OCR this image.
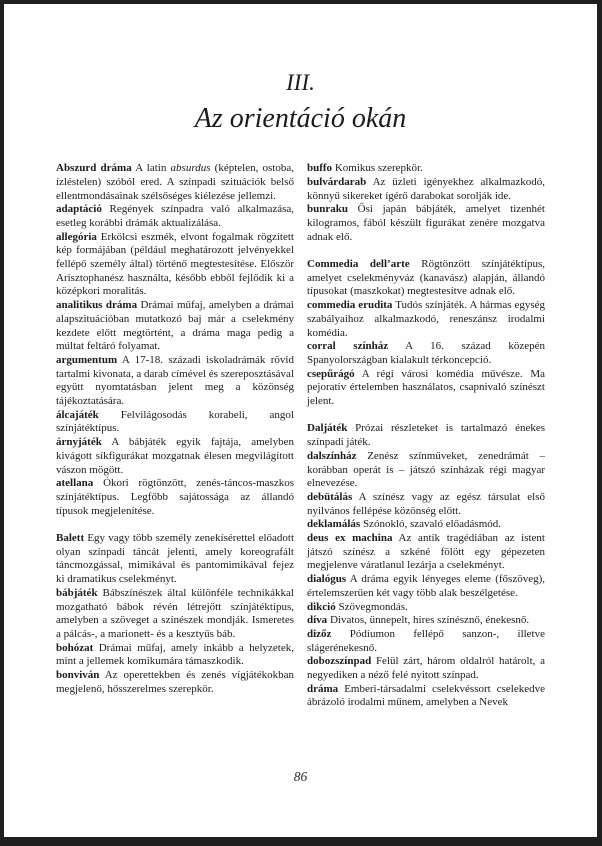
III.

Az orientáció okán

Abszurd dráma A latin absurdus (képtelen, ostoba, ízléstelen) szóból ered. A színpadi szituációk belső ellentmondásainak szélsőséges kiélezése jellemzi.

adaptáció Regények színpadra való alkalmazása, esetleg korábbi drámák aktualizálása.

allegória Erkölcsi eszmék, elvont fogalmak rögzített kép formájában (például meghatározott jelvényekkel fellépő személy által) történő megtestesítése. Először Arisztophanész használta, később ebből fejlődik ki a középkori moralitás.

analitikus dráma Drámai műfaj, amelyben a drámai alapszituációban mutatkozó baj már a cselekmény kezdete előtt megtörtént, a dráma maga pedig a múltat feltáró folyamat.

argumentum A 17-18. századi iskoladrámák rövid tartalmi kivonata, a darab címével és szereposztásával együtt nyomtatásban jelent meg a közönség tájékoztatására.

álcajáték Felvilágosodás korabeli, angol színjátéktípus.

árnyjáték A bábjáték egyik fajtája, amelyben kivágott síkfigurákat mozgatnak élesen megvilágított vászon mögött.

atellana Ókori rögtönzött, zenés-táncos-maszkos színjátéktípus. Legfőbb sajátossága az állandó típusok megjelenítése.

Balett Egy vagy több személy zenekísérettel előadott olyan színpadi táncát jelenti, amely koreografált táncmozgással, mimikával és pantomimikával fejez ki dramatikus cselekményt.

bábjáték Bábszínészek által különféle technikákkal mozgatható bábok révén létrejött színjátéktípus, amelyben a szöveget a színészek mondják. Ismeretes a pálcás-, a marionett- és a kesztyűs báb.

bohózat Drámai műfaj, amely inkább a helyzetek, mint a jellemek komikumára támaszkodik.

bonviván Az operettekben és zenés vígjátékokban megjelenő, hősszerelmes szerepkör.

buffo Komikus szerepkör.

bulvárdarab Az üzleti igényekhez alkalmazkodó, könnyű sikereket ígérő darabokat sorolják ide.

bunraku Ősi japán bábjáték, amelyet tizenhét kilogramos, fából készült figurákat zenére mozgatva adnak elő.

Commedia dell’arte Rögtönzött színjátéktípus, amelyet cselekményváz (kanavász) alapján, állandó típusokat (maszkokat) megtestesítve adnak elő.

commedia erudita Tudós színjáték. A hármas egység szabályaihoz alkalmazkodó, reneszánsz irodalmi komédia.

corral színház A 16. század közepén Spanyolországban kialakult térkoncepció.

csepűrágó A régi városi komédia művésze. Ma pejoratív értelemben használatos, csapnivaló színészt jelent.

Daljáték Prózai részleteket is tartalmazó énekes színpadi játék.

dalszínház Zenész színműveket, zenedrámát – korábban operát is – játszó színházak régi magyar elnevezése.

debütálás A színész vagy az egész társulat első nyilvános fellépése közönség előtt.

deklamálás Szónokló, szavaló előadásmód.

deus ex machina Az antik tragédiában az istent játszó színész a szkéné fölött egy gépezeten megjelenve váratlanul lezárja a cselekményt.

dialógus A dráma egyik lényeges eleme (főszöveg), értelemszerűen két vagy több alak beszélgetése.

dikció Szövegmondás.

díva Divatos, ünnepelt, híres színésznő, énekesnő.

dizőz Pódiumon fellépő sanzon-, illetve slágerénekesnő.

dobozszínpad Felül zárt, három oldalról határolt, a negyediken a néző felé nyitott színpad.

dráma Emberi-társadalmi cselekvéssort cselekedve ábrázoló irodalmi műnem, amelyben a Nevek

86
